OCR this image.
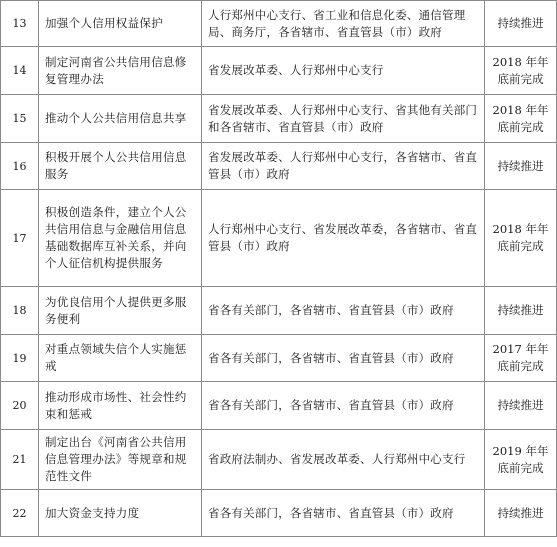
13	加强个人信用权益保护	人行郑州中心支行、省工业和信息化委、通信管理局、商务厅，各省辖市、省直管县（市）政府	持续推进
14	制定河南省公共信用信息修复管理办法	省发展改革委、人行郑州中心支行	2018 年年底前完成
15	推动个人公共信用信息共享	省发展改革委、人行郑州中心支行、省其他有关部门和各省辖市、省直管县（市）政府	2018 年年底前完成
16	积极开展个人公共信用信息服务	省发展改革委、人行郑州中心支行，各省辖市、省直管县（市）政府	持续推进
17	积极创造条件，建立个人公共信用信息与金融信用信息基础数据库互补关系，并向个人征信机构提供服务	人行郑州中心支行、省发展改革委，各省辖市、省直管县（市）政府	2018 年年底前完成
18	为优良信用个人提供更多服务便利	省各有关部门，各省辖市、省直管县（市）政府	持续推进
19	对重点领域失信个人实施惩戒	省各有关部门，各省辖市、省直管县（市）政府	2017 年年底前完成
20	推动形成市场性、社会性约束和惩戒	省各有关部门，各省辖市、省直管县（市）政府	持续推进
21	制定出台《河南省公共信用信息管理办法》等规章和规范性文件	省政府法制办、省发展改革委、人行郑州中心支行	2019 年年底前完成
22	加大资金支持力度	省各有关部门，各省辖市、省直管县（市）政府	持续推进
